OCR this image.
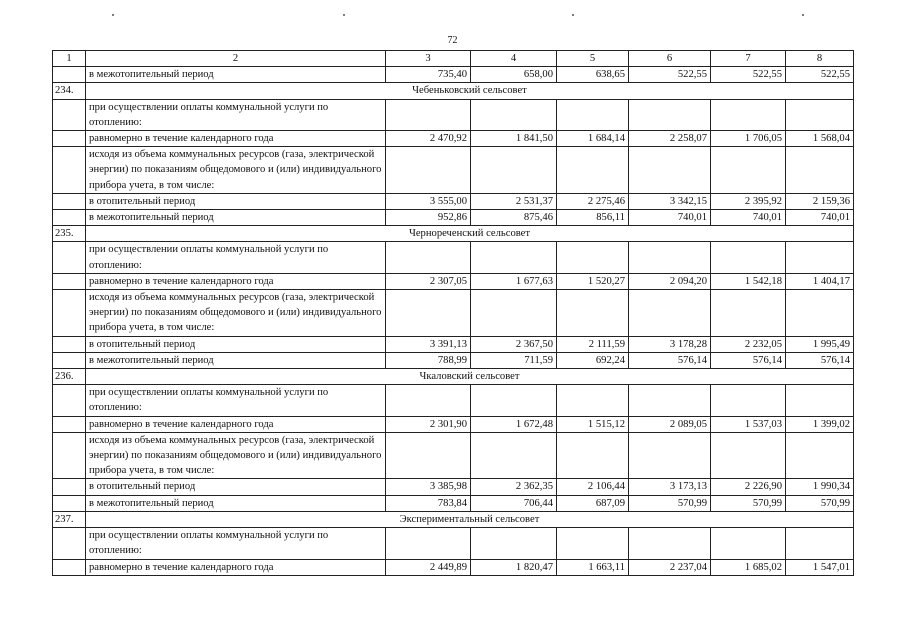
72
1	2	3	4	5	6	7	8
	в межотопительный период	735,40	658,00	638,65	522,55	522,55	522,55
234.	Чебеньковский сельсовет						
	при осуществлении оплаты коммунальной услуги по отоплению:						
	равномерно в течение календарного года	2 470,92	1 841,50	1 684,14	2 258,07	1 706,05	1 568,04
	исходя из объема коммунальных ресурсов (газа, электрической энергии) по показаниям общедомового и (или) индивидуального прибора учета, в том числе:						
	в отопительный период	3 555,00	2 531,37	2 275,46	3 342,15	2 395,92	2 159,36
	в межотопительный период	952,86	875,46	856,11	740,01	740,01	740,01
235.	Чернореченский сельсовет						
	при осуществлении оплаты коммунальной услуги по отоплению:						
	равномерно в течение календарного года	2 307,05	1 677,63	1 520,27	2 094,20	1 542,18	1 404,17
	исходя из объема коммунальных ресурсов (газа, электрической энергии) по показаниям общедомового и (или) индивидуального прибора учета, в том числе:						
	в отопительный период	3 391,13	2 367,50	2 111,59	3 178,28	2 232,05	1 995,49
	в межотопительный период	788,99	711,59	692,24	576,14	576,14	576,14
236.	Чкаловский сельсовет						
	при осуществлении оплаты коммунальной услуги по отоплению:						
	равномерно в течение календарного года	2 301,90	1 672,48	1 515,12	2 089,05	1 537,03	1 399,02
	исходя из объема коммунальных ресурсов (газа, электрической энергии) по показаниям общедомового и (или) индивидуального прибора учета, в том числе:						
	в отопительный период	3 385,98	2 362,35	2 106,44	3 173,13	2 226,90	1 990,34
	в межотопительный период	783,84	706,44	687,09	570,99	570,99	570,99
237.	Экспериментальный сельсовет						
	при осуществлении оплаты коммунальной услуги по отоплению:						
	равномерно в течение календарного года	2 449,89	1 820,47	1 663,11	2 237,04	1 685,02	1 547,01
